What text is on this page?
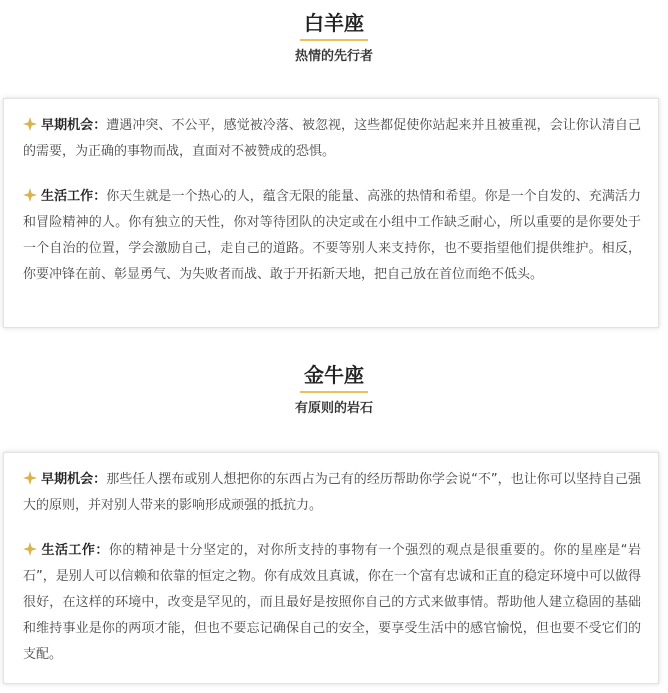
白羊座
热情的先行者

早期机会：遭遇冲突、不公平，感觉被冷落、被忽视，这些都促使你站起来并且被重视，会让你认清自己的需要，为正确的事物而战，直面对不被赞成的恐惧。

生活工作：你天生就是一个热心的人，蕴含无限的能量、高涨的热情和希望。你是一个自发的、充满活力和冒险精神的人。你有独立的天性，你对等待团队的决定或在小组中工作缺乏耐心，所以重要的是你要处于一个自治的位置，学会激励自己，走自己的道路。不要等别人来支持你，也不要指望他们提供维护。相反，你要冲锋在前、彰显勇气、为失败者而战、敢于开拓新天地，把自己放在首位而绝不低头。

金牛座
有原则的岩石

早期机会：那些任人摆布或别人想把你的东西占为己有的经历帮助你学会说“不”，也让你可以坚持自己强大的原则，并对别人带来的影响形成顽强的抵抗力。

生活工作：你的精神是十分坚定的，对你所支持的事物有一个强烈的观点是很重要的。你的星座是“岩石”，是别人可以信赖和依靠的恒定之物。你有成效且真诚，你在一个富有忠诚和正直的稳定环境中可以做得很好，在这样的环境中，改变是罕见的，而且最好是按照你自己的方式来做事情。帮助他人建立稳固的基础和维持事业是你的两项才能，但也不要忘记确保自己的安全，要享受生活中的感官愉悦，但也要不受它们的支配。
